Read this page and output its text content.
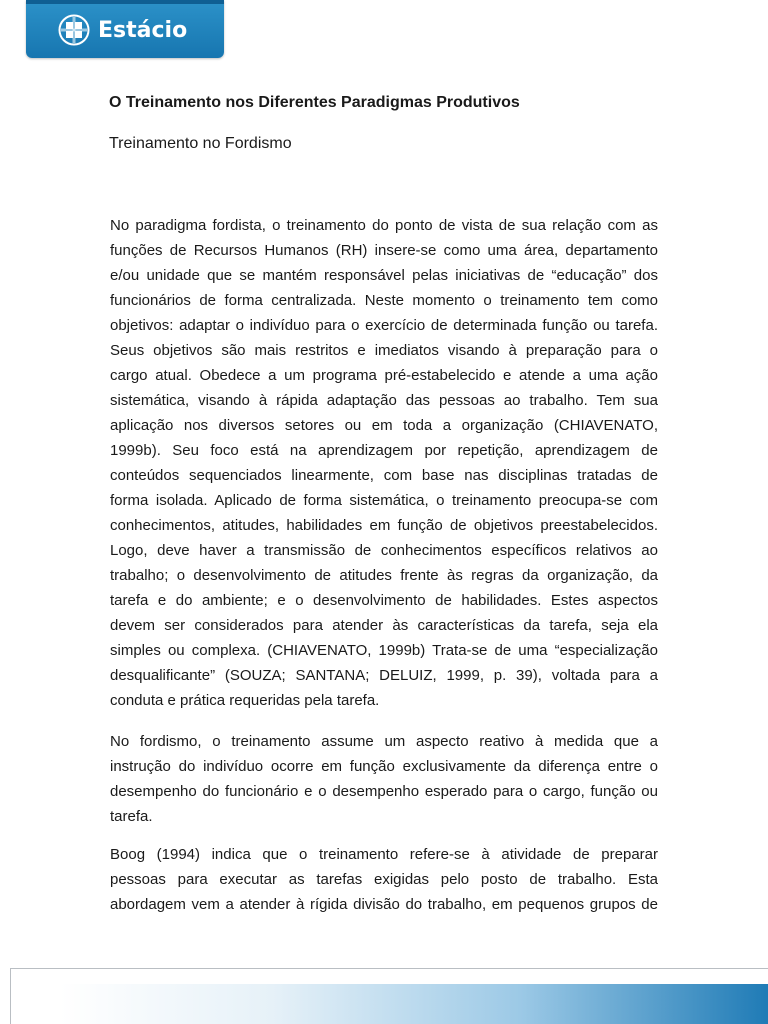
Estácio
O Treinamento nos Diferentes Paradigmas Produtivos
Treinamento no Fordismo
No paradigma fordista, o treinamento do ponto de vista de sua relação com as
funções de Recursos Humanos (RH) insere-se como uma área, departamento
e/ou unidade que se mantém responsável pelas iniciativas de “educação” dos
funcionários de forma centralizada. Neste momento o treinamento tem como
objetivos: adaptar o indivíduo para o exercício de determinada função ou tarefa.
Seus objetivos são mais restritos e imediatos visando à preparação para o
cargo atual. Obedece a um programa pré-estabelecido e atende a uma ação
sistemática, visando à rápida adaptação das pessoas ao trabalho. Tem sua
aplicação nos diversos setores ou em toda a organização (CHIAVENATO,
1999b). Seu foco está na aprendizagem por repetição, aprendizagem de
conteúdos sequenciados linearmente, com base nas disciplinas tratadas de
forma isolada. Aplicado de forma sistemática, o treinamento preocupa-se com
conhecimentos, atitudes, habilidades em função de objetivos preestabelecidos.
Logo, deve haver a transmissão de conhecimentos específicos relativos ao
trabalho; o desenvolvimento de atitudes frente às regras da organização, da
tarefa e do ambiente; e o desenvolvimento de habilidades. Estes aspectos
devem ser considerados para atender às características da tarefa, seja ela
simples ou complexa. (CHIAVENATO, 1999b) Trata-se de uma “especialização
desqualificante” (SOUZA; SANTANA; DELUIZ, 1999, p. 39), voltada para a
conduta e prática requeridas pela tarefa.
No fordismo, o treinamento assume um aspecto reativo à medida que a
instrução do indivíduo ocorre em função exclusivamente da diferença entre o
desempenho do funcionário e o desempenho esperado para o cargo, função ou
tarefa.
Boog (1994) indica que o treinamento refere-se à atividade de preparar
pessoas para executar as tarefas exigidas pelo posto de trabalho. Esta
abordagem vem a atender à rígida divisão do trabalho, em pequenos grupos de
